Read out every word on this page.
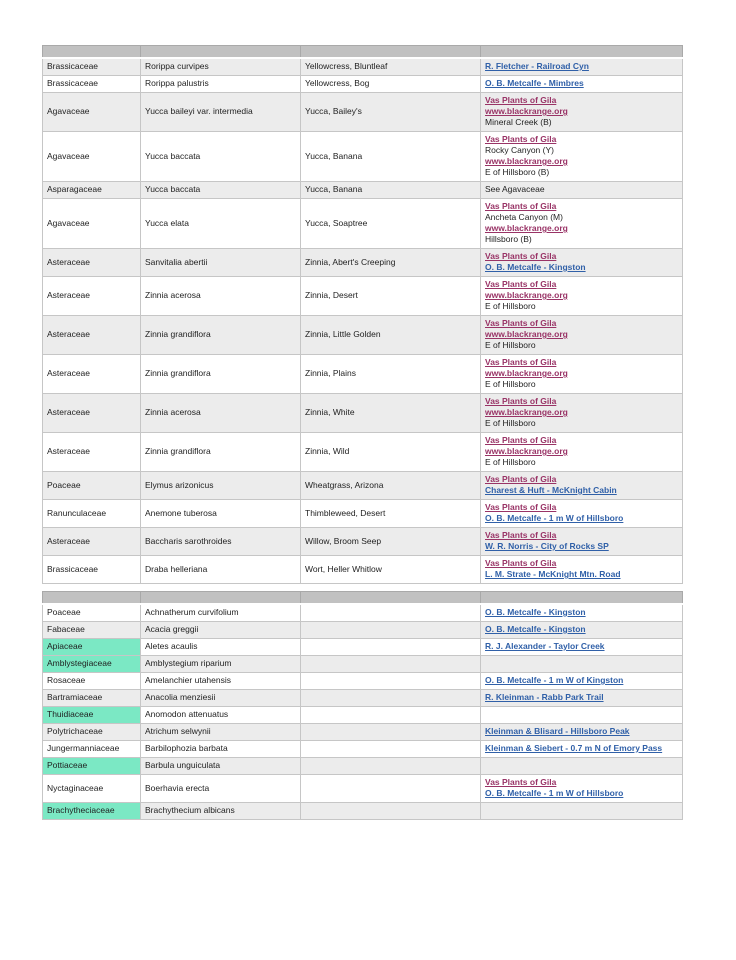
Brassicaceae	Rorippa curvipes	Yellowcress, Bluntleaf	R. Fletcher - Railroad Cyn

Brassicaceae	Rorippa palustris	Yellowcress, Bog	O. B. Metcalfe - Mimbres

Agavaceae	Yucca baileyi var. intermedia	Yucca, Bailey's	Vas Plants of Gila
www.blackrange.org
Mineral Creek (B)

Agavaceae	Yucca baccata	Yucca, Banana	Vas Plants of Gila
Rocky Canyon (Y)
www.blackrange.org
E of Hillsboro (B)

Asparagaceae	Yucca baccata	Yucca, Banana	See Agavaceae

Agavaceae	Yucca elata	Yucca, Soaptree	Vas Plants of Gila
Ancheta Canyon (M)
www.blackrange.org
Hillsboro (B)

Asteraceae	Sanvitalia abertii	Zinnia, Abert's Creeping	Vas Plants of Gila
O. B. Metcalfe - Kingston

Asteraceae	Zinnia acerosa	Zinnia, Desert	Vas Plants of Gila
www.blackrange.org
E of Hillsboro

Asteraceae	Zinnia grandiflora	Zinnia, Little Golden	Vas Plants of Gila
www.blackrange.org
E of Hillsboro

Asteraceae	Zinnia grandiflora	Zinnia, Plains	Vas Plants of Gila
www.blackrange.org
E of Hillsboro

Asteraceae	Zinnia acerosa	Zinnia, White	Vas Plants of Gila
www.blackrange.org
E of Hillsboro

Asteraceae	Zinnia grandiflora	Zinnia, Wild	Vas Plants of Gila
www.blackrange.org
E of Hillsboro

Poaceae	Elymus arizonicus	Wheatgrass, Arizona	Vas Plants of Gila
Charest & Huft - McKnight Cabin

Ranunculaceae	Anemone tuberosa	Thimbleweed, Desert	Vas Plants of Gila
O. B. Metcalfe - 1 m W of Hillsboro

Asteraceae	Baccharis sarothroides	Willow, Broom Seep	Vas Plants of Gila
W. R. Norris - City of Rocks SP

Brassicaceae	Draba helleriana	Wort, Heller Whitlow	Vas Plants of Gila
L. M. Strate - McKnight Mtn. Road

Poaceae	Achnatherum curvifolium		O. B. Metcalfe - Kingston

Fabaceae	Acacia greggii		O. B. Metcalfe - Kingston

Apiaceae	Aletes acaulis		R. J. Alexander - Taylor Creek

Amblystegiaceae	Amblystegium riparium		
Rosaceae	Amelanchier utahensis		O. B. Metcalfe - 1 m W of Kingston

Bartramiaceae	Anacolia menziesii		R. Kleinman - Rabb Park Trail

Thuidiaceae	Anomodon attenuatus		
Polytrichaceae	Atrichum selwynii		Kleinman & Blisard - Hillsboro Peak

Jungermanniaceae	Barbilophozia barbata		Kleinman & Siebert - 0.7 m N of Emory Pass

Pottiaceae	Barbula unguiculata		
Nyctaginaceae	Boerhavia erecta		Vas Plants of Gila
O. B. Metcalfe - 1 m W of Hillsboro

Brachytheciaceae	Brachythecium albicans		
